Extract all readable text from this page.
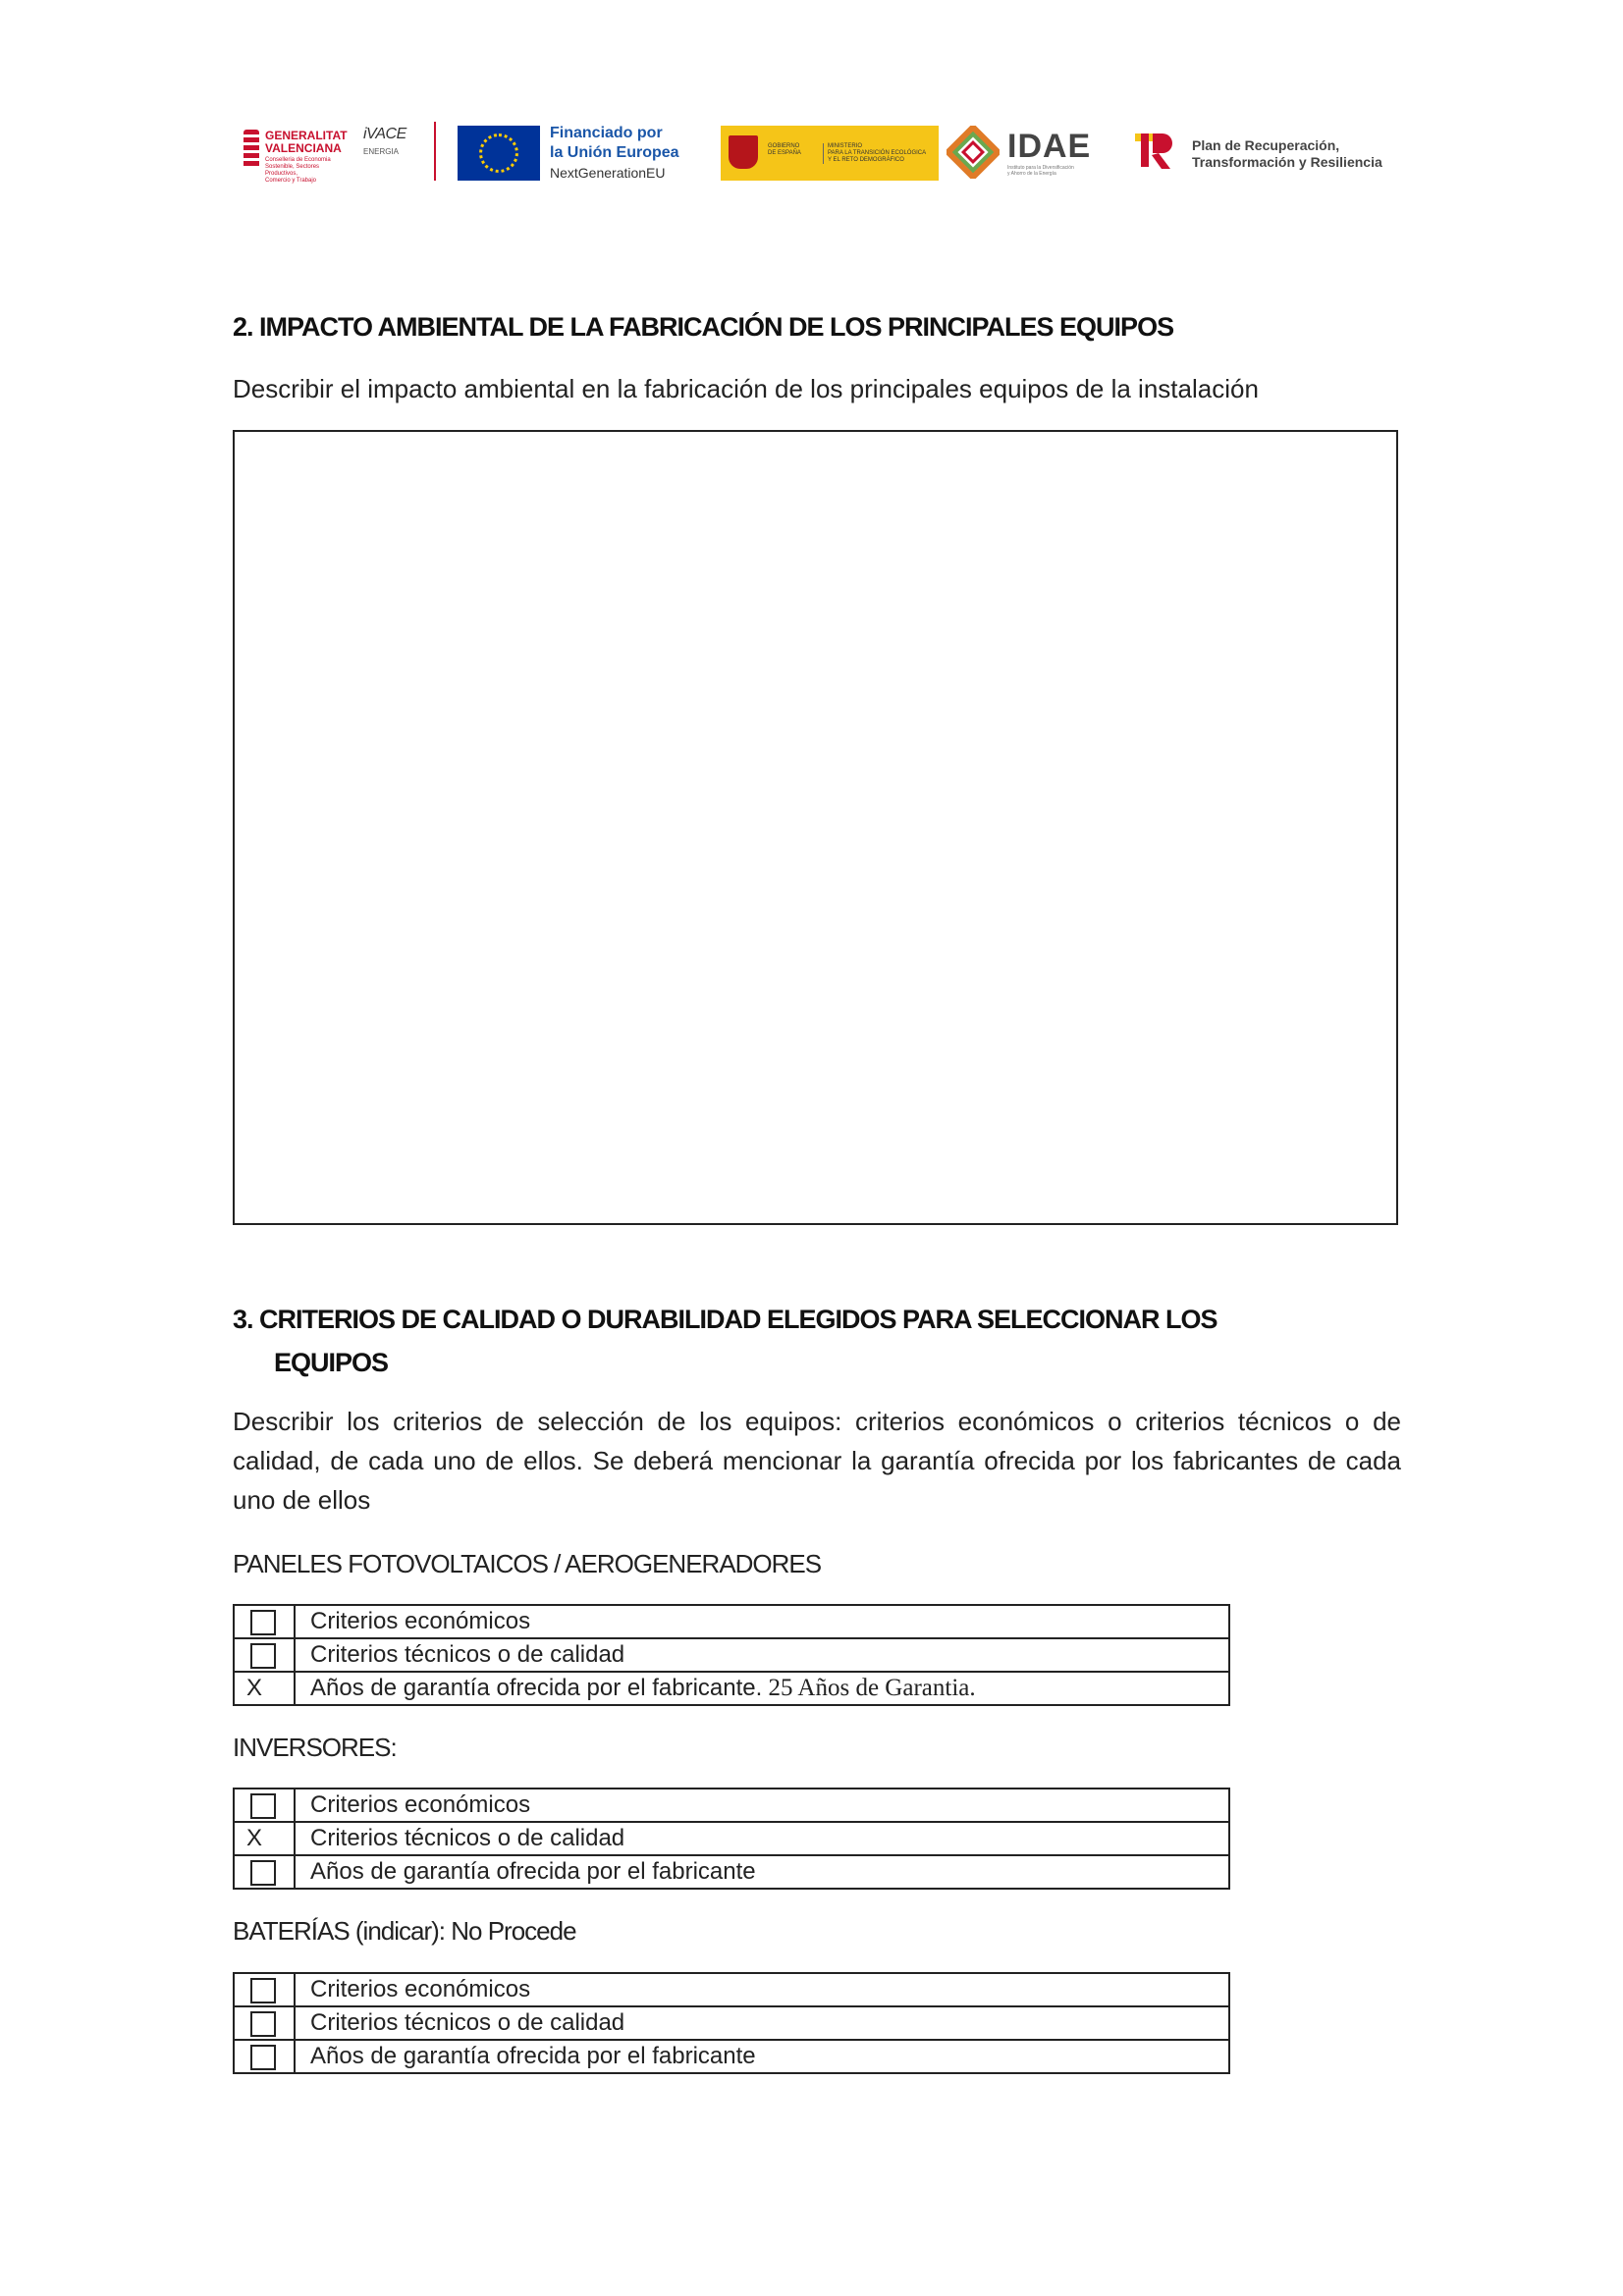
GENERALITAT
VALENCIANA
Conselleria de Economia
Sostenible, Sectores Productivos,
Comercio y Trabajo
iVACE
ENERGIA
Financiado por
la Unión Europea
NextGenerationEU
GOBIERNO
DE ESPAÑA
MINISTERIO
PARA LA TRANSICIÓN ECOLÓGICA
Y EL RETO DEMOGRÁFICO	IDAE
Instituto para la Diversificación
y Ahorro de la Energía
Plan de Recuperación,
Transformación y Resiliencia
2. IMPACTO AMBIENTAL DE LA FABRICACIÓN DE LOS PRINCIPALES EQUIPOS
Describir el impacto ambiental en la fabricación de los principales equipos de la instalación
3. CRITERIOS DE CALIDAD O DURABILIDAD ELEGIDOS PARA SELECCIONAR LOS
EQUIPOS
Describir los criterios de selección de los equipos: criterios económicos o criterios técnicos o de calidad, de cada uno de ellos. Se deberá mencionar la garantía ofrecida por los fabricantes de cada uno de ellos
PANELES FOTOVOLTAICOS / AEROGENERADORES
	Criterios económicos
	Criterios técnicos o de calidad
X	Años de garantía ofrecida por el fabricante. 25 Años de Garantia.
INVERSORES:
	Criterios económicos
X	Criterios técnicos o de calidad
	Años de garantía ofrecida por el fabricante
BATERÍAS (indicar): No Procede
	Criterios económicos
	Criterios técnicos o de calidad
	Años de garantía ofrecida por el fabricante
